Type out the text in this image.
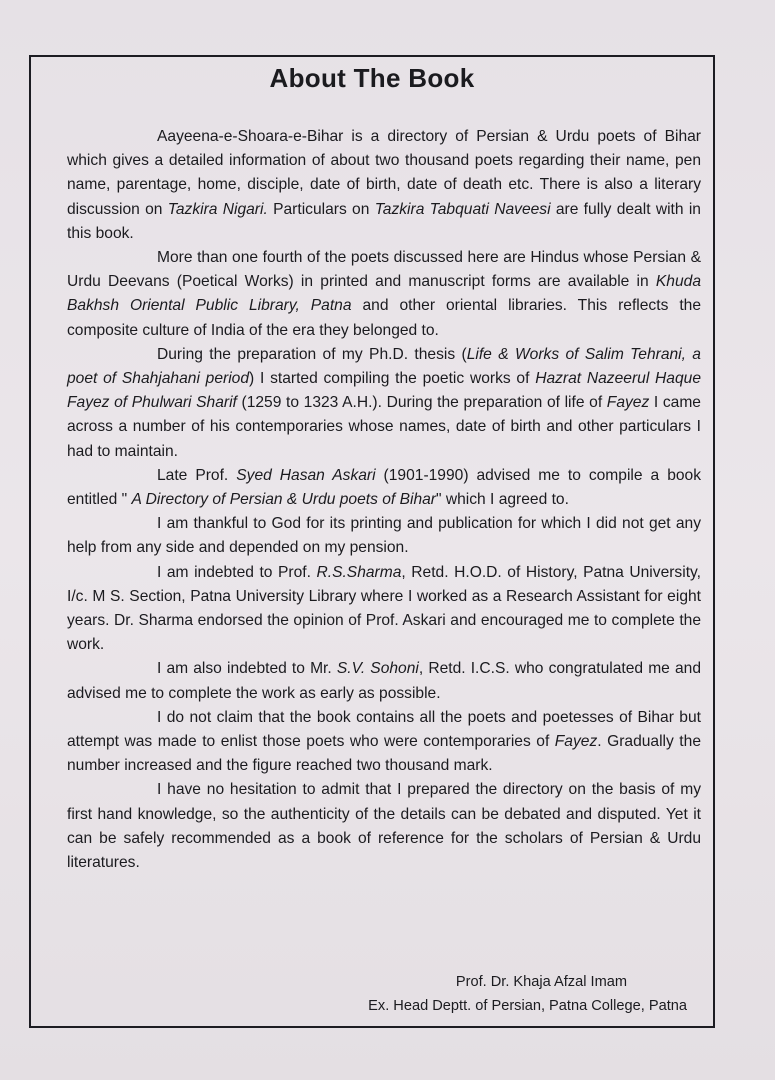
About The Book

Aayeena-e-Shoara-e-Bihar is a directory of Persian & Urdu poets of Bihar which gives a detailed information of about two thousand poets regarding their name, pen name, parentage, home, disciple, date of birth, date of death etc. There is also a literary discussion on Tazkira Nigari. Particulars on Tazkira Tabquati Naveesi are fully dealt with in this book.

More than one fourth of the poets discussed here are Hindus whose Persian & Urdu Deevans (Poetical Works) in printed and manuscript forms are available in Khuda Bakhsh Oriental Public Library, Patna and other oriental libraries. This reflects the composite culture of India of the era they belonged to.

During the preparation of my Ph.D. thesis (Life & Works of Salim Tehrani, a poet of Shahjahani period) I started compiling the poetic works of Hazrat Nazeerul Haque Fayez of Phulwari Sharif (1259 to 1323 A.H.). During the preparation of life of Fayez I came across a number of his contemporaries whose names, date of birth and other particulars I had to maintain.

Late Prof. Syed Hasan Askari (1901-1990) advised me to compile a book entitled " A Directory of Persian & Urdu poets of Bihar" which I agreed to.

I am thankful to God for its printing and publication for which I did not get any help from any side and depended on my pension.

I am indebted to Prof. R.S.Sharma, Retd. H.O.D. of History, Patna University, I/c. M S. Section, Patna University Library where I worked as a Research Assistant for eight years. Dr. Sharma endorsed the opinion of Prof. Askari and encouraged me to complete the work.

I am also indebted to Mr. S.V. Sohoni, Retd. I.C.S. who congratulated me and advised me to complete the work as early as possible.

I do not claim that the book contains all the poets and poetesses of Bihar but attempt was made to enlist those poets who were contemporaries of Fayez. Gradually the number increased and the figure reached two thousand mark.

I have no hesitation to admit that I prepared the directory on the basis of my first hand knowledge, so the authenticity of the details can be debated and disputed. Yet it can be safely recommended as a book of reference for the scholars of Persian & Urdu literatures.

Prof. Dr. Khaja Afzal Imam
Ex. Head Deptt. of Persian, Patna College, Patna
